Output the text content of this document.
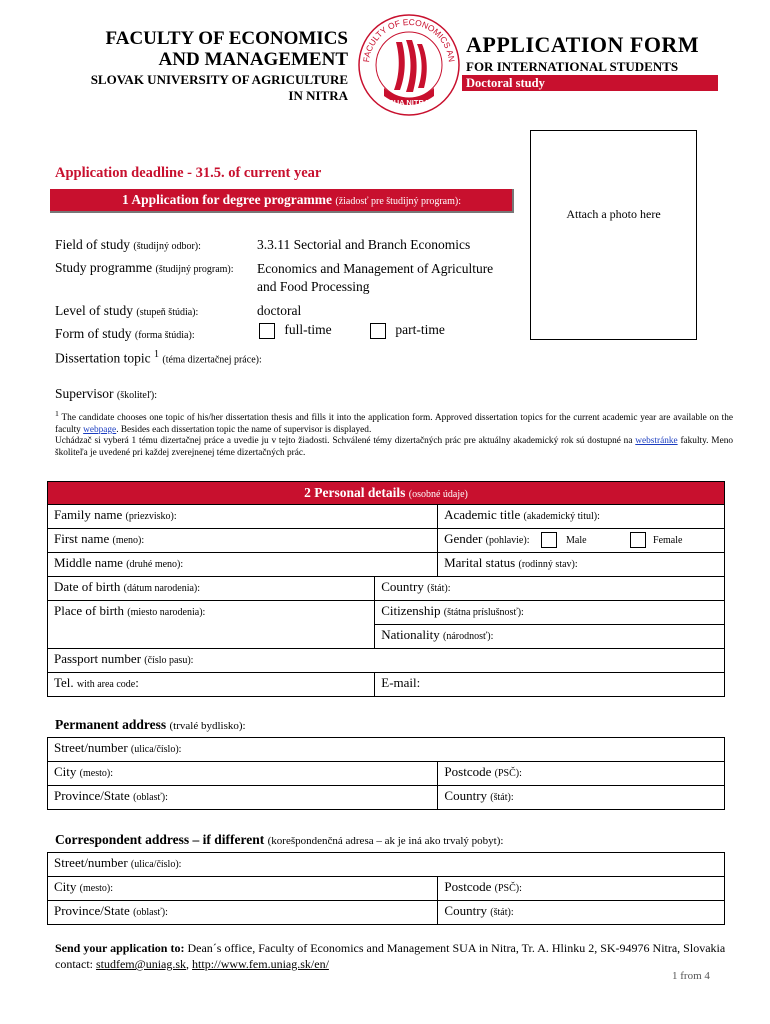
FACULTY OF ECONOMICS
AND MANAGEMENT
SLOVAK UNIVERSITY OF AGRICULTURE
IN NITRA
FACULTY OF ECONOMICS AN
SUA NITRA
APPLICATION FORM
FOR INTERNATIONAL STUDENTS
Doctoral study
Attach a photo here
Application deadline - 31.5. of current year
1 Application for degree programme (žiadosť pre študijný program):
Field of study (študijný odbor):	3.3.11 Sectorial and Branch Economics
Study programme (študijný program): Economics and Management of Agriculture
and Food Processing
Level of study (stupeň štúdia):	doctoral
Form of study (forma štúdia):	full-time	part-time
Dissertation topic $^1$ (téma dizertačnej práce):
Supervisor (školiteľ):

$^1$ The candidate chooses one topic of his/her dissertation thesis and fills it into the application form. Approved dissertation topics for the current academic year are available on the faculty webpage. Besides each dissertation topic the name of supervisor is displayed.

Uchádzač si vyberá 1 tému dizertačnej práce a uvedie ju v tejto žiadosti. Schválené témy dizertačných prác pre aktuálny akademický rok sú dostupné na webstránke fakulty. Meno školiteľa je uvedené pri každej zverejnenej téme dizertačných prác.

2 Personal details (osobné údaje)
Family name (priezvisko):		Academic title (akademický titul):
First name (meno):		Gender (pohlavie): Male Female
Middle name (druhé meno):		Marital status (rodinný stav):
Date of birth (dátum narodenia):	Country (štát):	
Place of birth (miesto narodenia):	Citizenship (štátna príslušnosť):	
	Nationality (národnosť):	
Passport number (číslo pasu):		
Tel. with area code:	E-mail:	
Permanent address (trvalé bydlisko):
Street/number (ulica/číslo):	
City (mesto):	Postcode (PSČ):
Province/State (oblasť):	Country (štát):
Correspondent address – if different (korešpondenčná adresa – ak je iná ako trvalý pobyt):
Street/number (ulica/číslo):	
City (mesto):	Postcode (PSČ):
Province/State (oblasť):	Country (štát):
Send your application to: Dean´s office, Faculty of Economics and Management SUA in Nitra, Tr. A. Hlinku 2, SK-94976 Nitra, Slovakia
contact: studfem@uniag.sk, http://www.fem.uniag.sk/en/
1 from 4
